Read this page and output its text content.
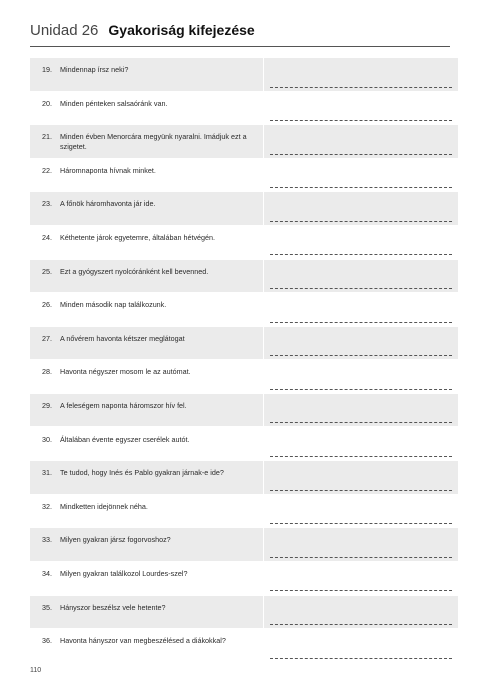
Unidad 26 Gyakoriság kifejezése
19.	Mindennap írsz neki?
20.	Minden pénteken salsaóránk van.
21.	Minden évben Menorcára megyünk nyaralni. Imádjuk ezt a szigetet.
22.	Háromnaponta hívnak minket.
23.	A főnök háromhavonta jár ide.
24.	Kéthetente járok egyetemre, általában hétvégén.
25.	Ezt a gyógyszert nyolcóránként kell bevenned.
26.	Minden második nap találkozunk.
27.	A nővérem havonta kétszer meglátogat
28.	Havonta négyszer mosom le az autómat.
29.	A feleségem naponta háromszor hív fel.
30.	Általában évente egyszer cserélek autót.
31.	Te tudod, hogy Inés és Pablo gyakran járnak-e ide?
32.	Mindketten idejönnek néha.
33.	Milyen gyakran jársz fogorvoshoz?
34.	Milyen gyakran találkozol Lourdes-szel?
35.	Hányszor beszélsz vele hetente?
36.	Havonta hányszor van megbeszélésed a diákokkal?
110
